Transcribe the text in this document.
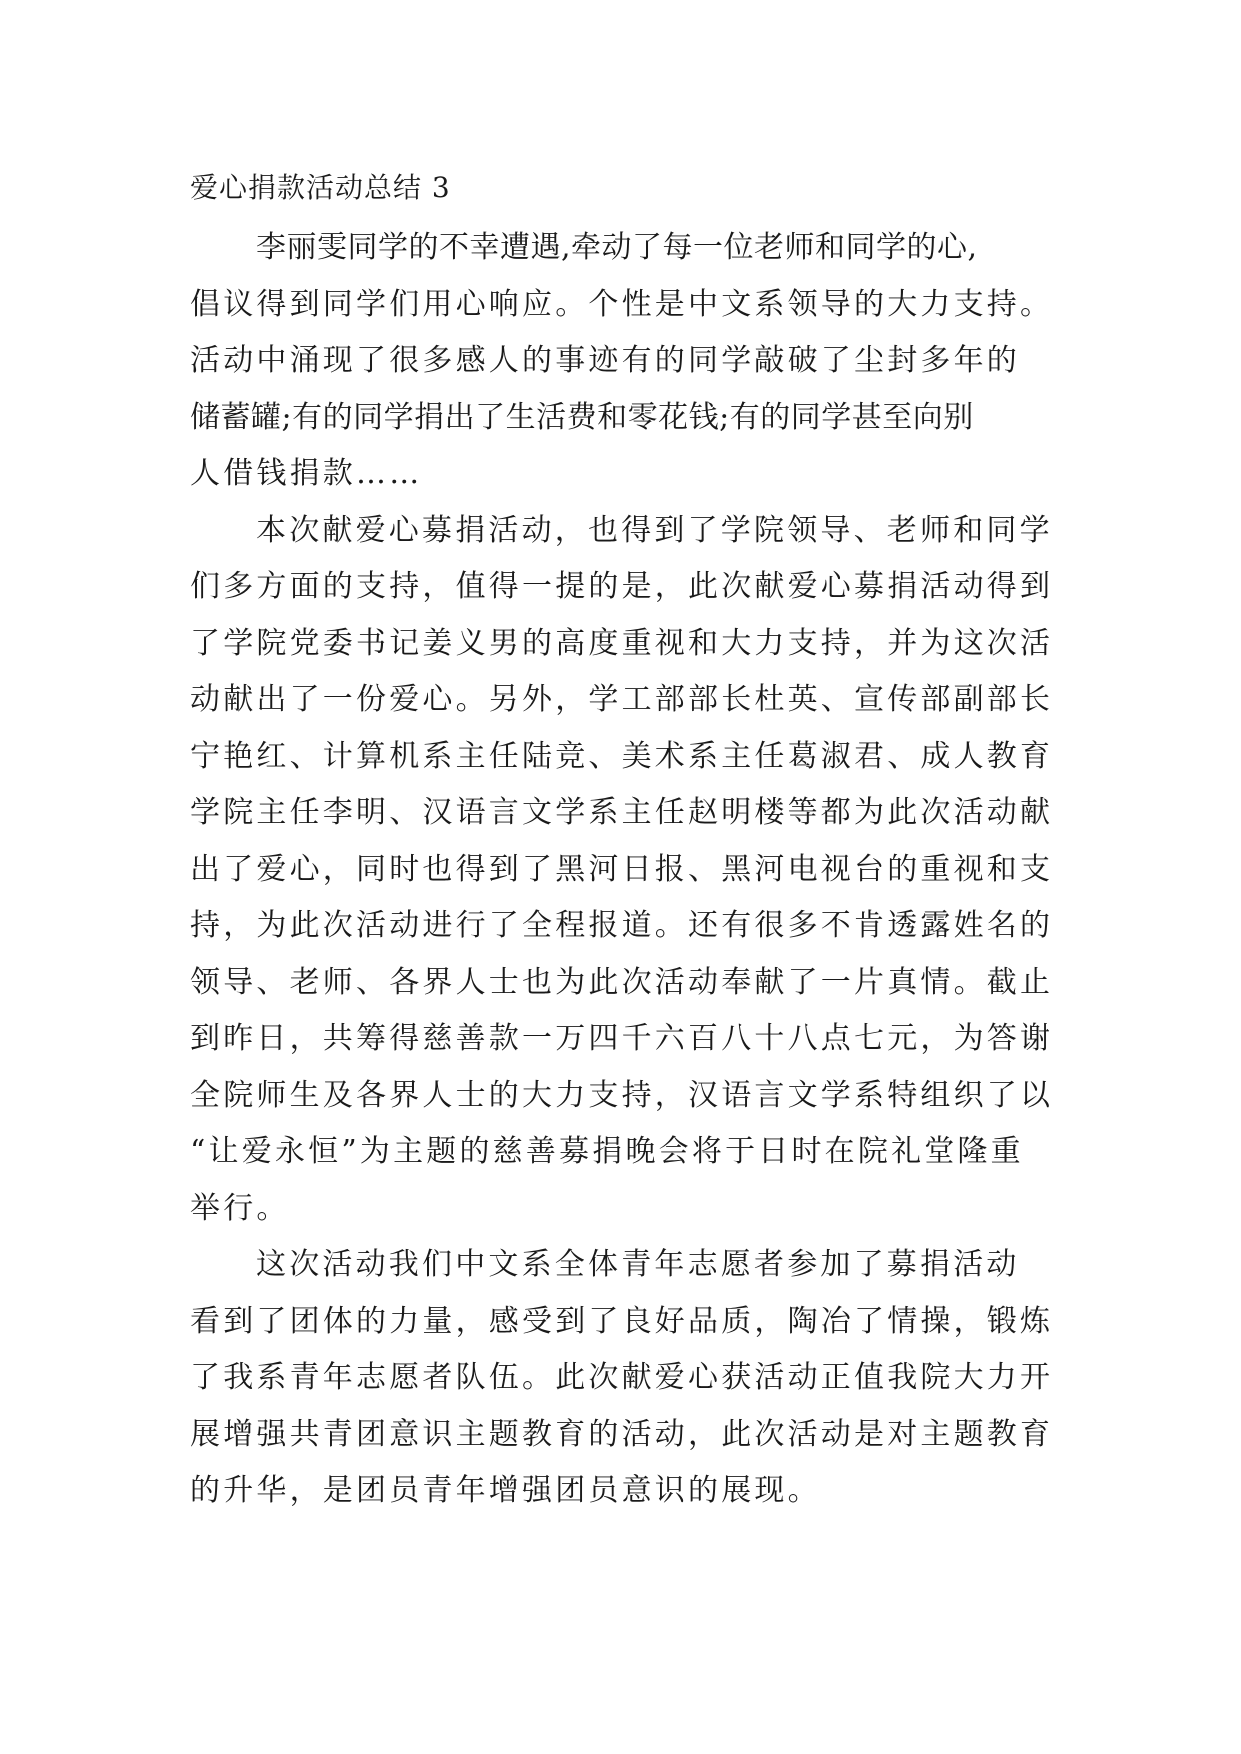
爱心捐款活动总结 3
李丽雯同学的不幸遭遇,牵动了每一位老师和同学的心,
倡议得到同学们用心响应。个性是中文系领导的大力支持。
活动中涌现了很多感人的事迹有的同学敲破了尘封多年的
储蓄罐;有的同学捐出了生活费和零花钱;有的同学甚至向别
人借钱捐款……
本次献爱心募捐活动，也得到了学院领导、老师和同学
们多方面的支持，值得一提的是，此次献爱心募捐活动得到
了学院党委书记姜义男的高度重视和大力支持，并为这次活
动献出了一份爱心。另外，学工部部长杜英、宣传部副部长
宁艳红、计算机系主任陆竞、美术系主任葛淑君、成人教育
学院主任李明、汉语言文学系主任赵明楼等都为此次活动献
出了爱心，同时也得到了黑河日报、黑河电视台的重视和支
持，为此次活动进行了全程报道。还有很多不肯透露姓名的
领导、老师、各界人士也为此次活动奉献了一片真情。截止
到昨日，共筹得慈善款一万四千六百八十八点七元，为答谢
全院师生及各界人士的大力支持，汉语言文学系特组织了以
“让爱永恒”为主题的慈善募捐晚会将于日时在院礼堂隆重
举行。
这次活动我们中文系全体青年志愿者参加了募捐活动
看到了团体的力量，感受到了良好品质，陶冶了情操，锻炼
了我系青年志愿者队伍。此次献爱心获活动正值我院大力开
展增强共青团意识主题教育的活动，此次活动是对主题教育
的升华，是团员青年增强团员意识的展现。
